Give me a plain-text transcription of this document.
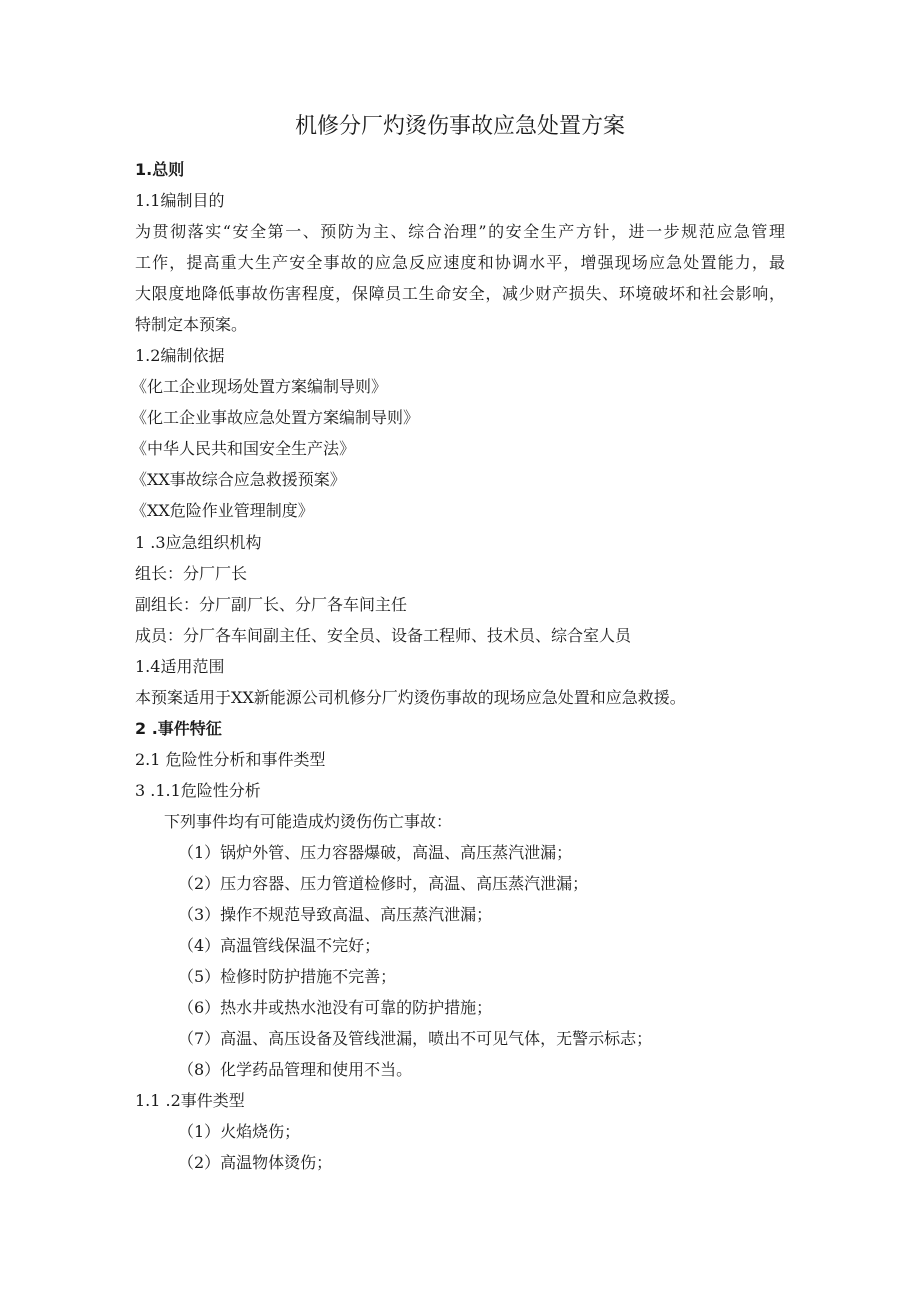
机修分厂灼烫伤事故应急处置方案
1.总则
1.1编制目的
为贯彻落实“安全第一、预防为主、综合治理”的安全生产方针，进一步规范应急管理
工作，提高重大生产安全事故的应急反应速度和协调水平，增强现场应急处置能力，最
大限度地降低事故伤害程度，保障员工生命安全，减少财产损失、环境破坏和社会影响，
特制定本预案。
1.2编制依据
《化工企业现场处置方案编制导则》
《化工企业事故应急处置方案编制导则》
《中华人民共和国安全生产法》
《XX事故综合应急救援预案》
《XX危险作业管理制度》
1 .3应急组织机构
组长：分厂厂长
副组长：分厂副厂长、分厂各车间主任
成员：分厂各车间副主任、安全员、设备工程师、技术员、综合室人员
1.4适用范围
本预案适用于XX新能源公司机修分厂灼烫伤事故的现场应急处置和应急救援。
2 .事件特征
2.1 危险性分析和事件类型
3 .1.1危险性分析
下列事件均有可能造成灼烫伤伤亡事故：
（1）锅炉外管、压力容器爆破，高温、高压蒸汽泄漏；
（2）压力容器、压力管道检修时，高温、高压蒸汽泄漏；
（3）操作不规范导致高温、高压蒸汽泄漏；
（4）高温管线保温不完好；
（5）检修时防护措施不完善；
（6）热水井或热水池没有可靠的防护措施；
（7）高温、高压设备及管线泄漏，喷出不可见气体，无警示标志；
（8）化学药品管理和使用不当。
1.1 .2事件类型
（1）火焰烧伤；
（2）高温物体烫伤；
